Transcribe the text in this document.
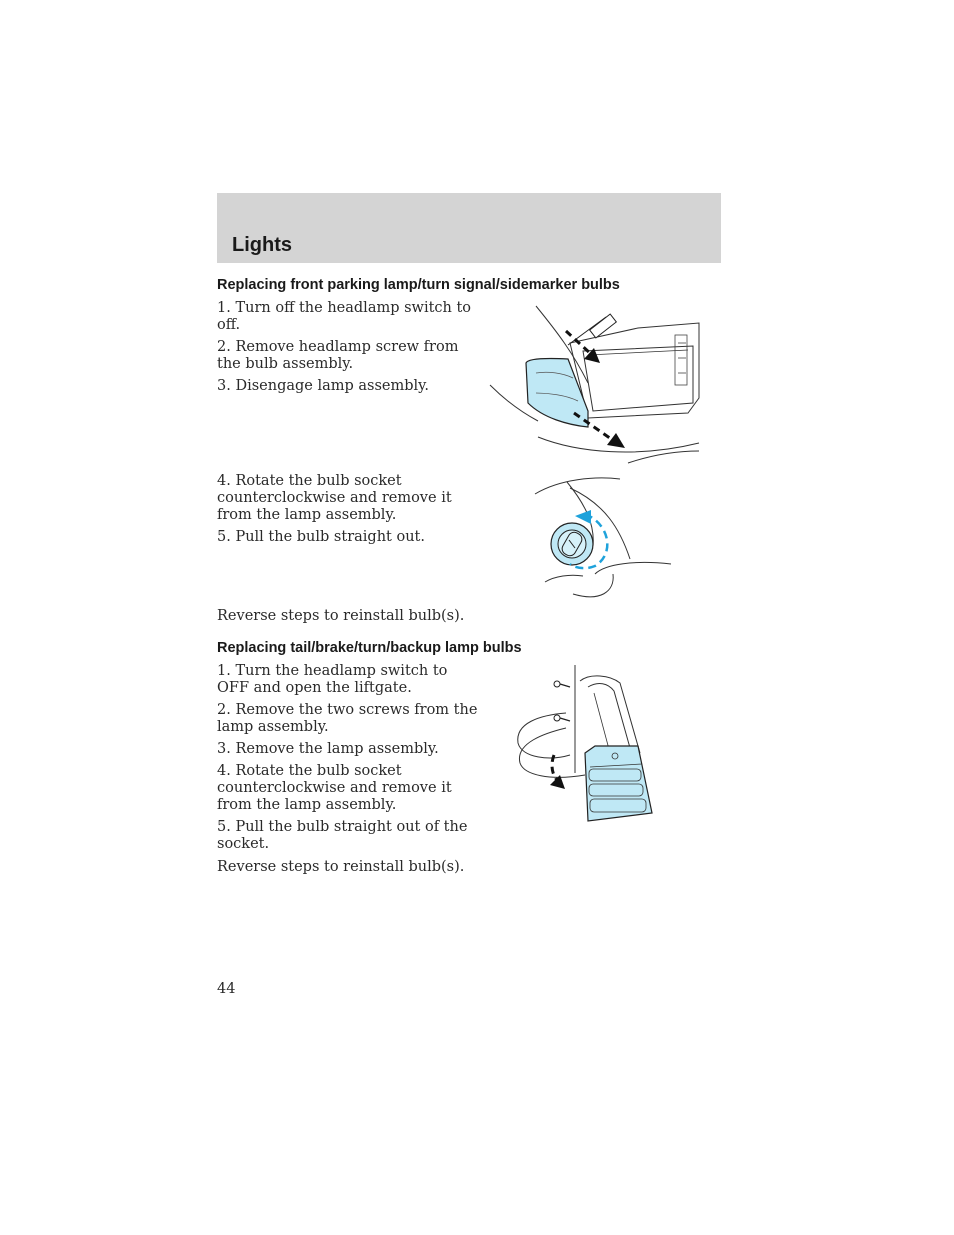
Lights
Replacing front parking lamp/turn signal/sidemarker bulbs

1. Turn off the headlamp switch to off.

2. Remove headlamp screw from the bulb assembly.

3. Disengage lamp assembly.

4. Rotate the bulb socket counterclockwise and remove it from the lamp assembly.

5. Pull the bulb straight out.

Reverse steps to reinstall bulb(s).
Replacing tail/brake/turn/backup lamp bulbs

1. Turn the headlamp switch to OFF and open the liftgate.

2. Remove the two screws from the lamp assembly.

3. Remove the lamp assembly.

4. Rotate the bulb socket counterclockwise and remove it from the lamp assembly.

5. Pull the bulb straight out of the socket.

Reverse steps to reinstall bulb(s).
44
